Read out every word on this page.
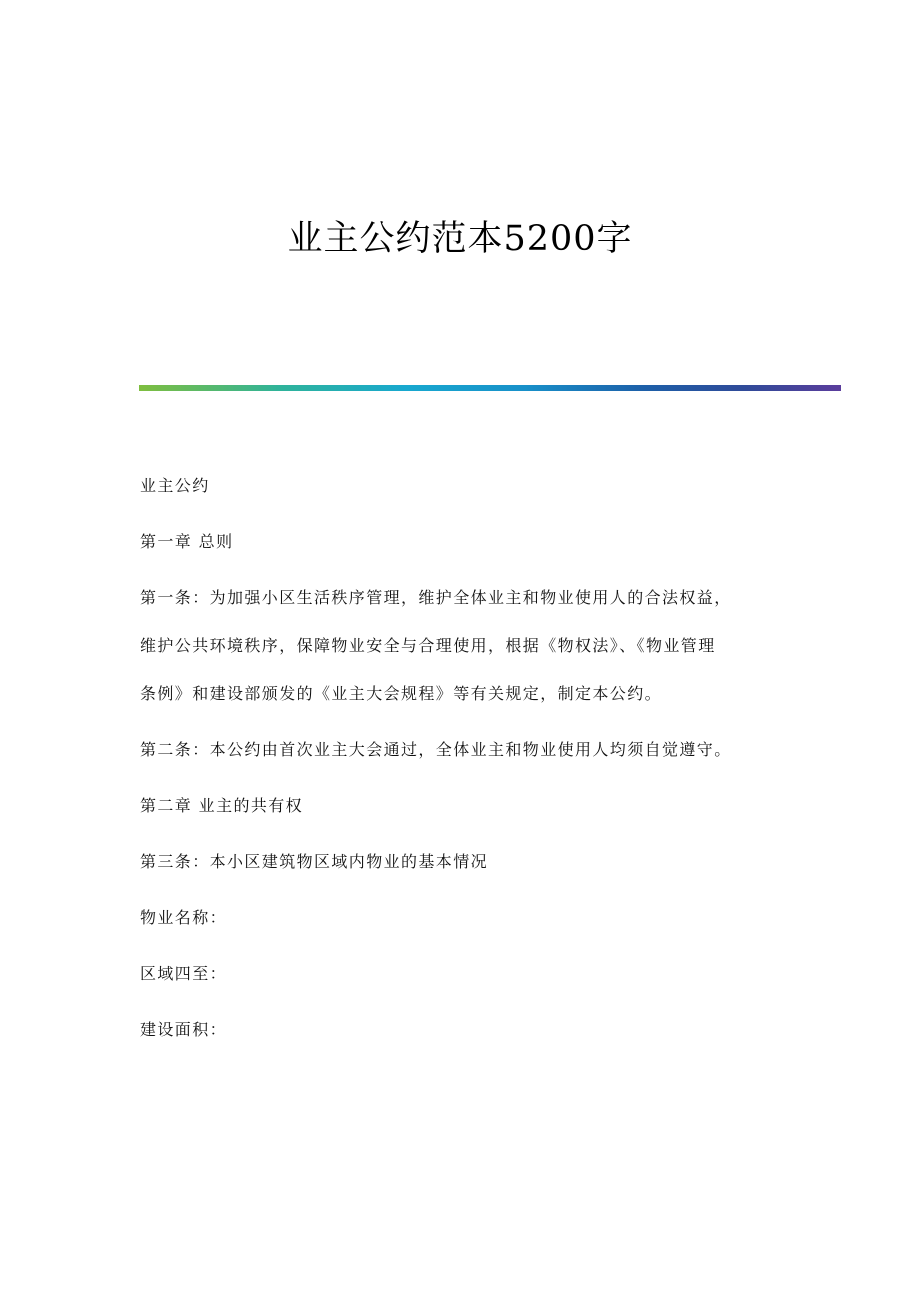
业主公约范本5200字

业主公约

第一章 总则

第一条：为加强小区生活秩序管理，维护全体业主和物业使用人的合法权益，
维护公共环境秩序，保障物业安全与合理使用，根据《物权法》、《物业管理
条例》和建设部颁发的《业主大会规程》等有关规定，制定本公约。

第二条：本公约由首次业主大会通过，全体业主和物业使用人均须自觉遵守。

第二章 业主的共有权

第三条：本小区建筑物区域内物业的基本情况

物业名称：

区域四至：

建设面积：
